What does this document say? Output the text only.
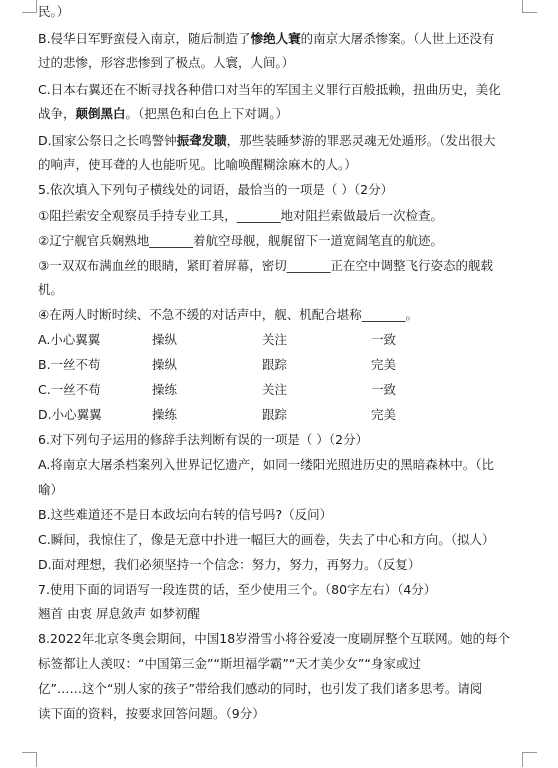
民。）
B.侵华日军野蛮侵入南京，随后制造了惨绝人寰的南京大屠杀惨案。（人世上还没有
过的悲惨，形容悲惨到了极点。人寰，人间。）
C.日本右翼还在不断寻找各种借口对当年的军国主义罪行百般抵赖，扭曲历史，美化
战争，颠倒黑白。（把黑色和白色上下对调。）
D.国家公祭日之长鸣警钟振聋发聩，那些装睡梦游的罪恶灵魂无处遁形。（发出很大
的响声，使耳聋的人也能听见。比喻唤醒糊涂麻木的人。）
5.依次填入下列句子横线处的词语，最恰当的一项是（ ）（2分）
①阻拦索安全观察员手持专业工具，_______地对阻拦索做最后一次检查。
②辽宁舰官兵娴熟地_______着航空母舰，舰艉留下一道宽阔笔直的航迹。
③一双双布满血丝的眼睛，紧盯着屏幕，密切_______正在空中调整飞行姿态的舰载
机。
④在两人时断时续、不急不缓的对话声中，舰、机配合堪称_______。
A.小心翼翼	操纵	关注	一致
B.一丝不苟	操纵	跟踪	完美
C.一丝不苟	操练	关注	一致
D.小心翼翼	操练	跟踪	完美
6.对下列句子运用的修辞手法判断有误的一项是（ ）（2分）
A.将南京大屠杀档案列入世界记忆遗产，如同一缕阳光照进历史的黑暗森林中。（比
喻）
B.这些难道还不是日本政坛向右转的信号吗?（反问）
C.瞬间，我惊住了，像是无意中扑进一幅巨大的画卷，失去了中心和方向。（拟人）
D.面对理想，我们必须坚持一个信念：努力，努力，再努力。（反复）
7.使用下面的词语写一段连贯的话，至少使用三个。（80字左右）（4分）
翘首 由衷 屏息敛声 如梦初醒
8.2022年北京冬奥会期间，中国18岁滑雪小将谷爱凌一度刷屏整个互联网。她的每个
标签都让人羡叹：“中国第三金”“斯坦福学霸”“天才美少女”“身家或过
亿”……这个“别人家的孩子”带给我们感动的同时，也引发了我们诸多思考。请阅
读下面的资料，按要求回答问题。（9分）
